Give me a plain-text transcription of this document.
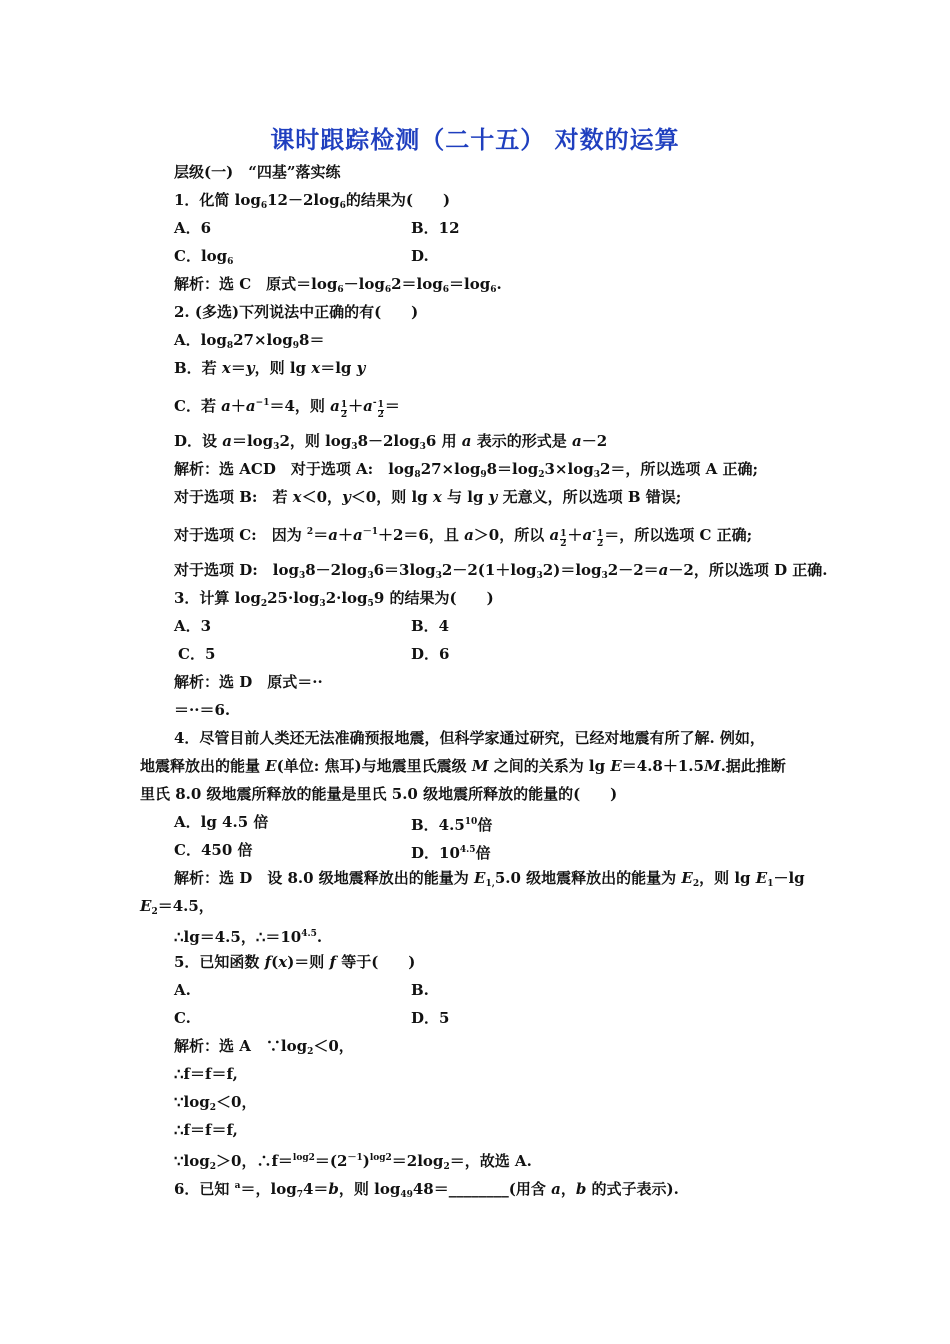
课时跟踪检测（二十五） 对数的运算
层级(一)　“四基”落实练
1．化简 $\log_612-2\log_6$的结果为(　　)
A．6	B．12
C．$\log_6$	D.
解析：选 C　原式$=\log_6-\log_62=\log_6=\log_6$.
2. (多选)下列说法中正确的有(　　)
A．$\log_827\times\log_98=$
B．若 x＝y，则 lg x＝lg y
C．若 $a+a^{-1}=4$，则 a $\frac{1}{2} +a^- \frac{1}{2}$ ＝
D．设 $a=\log_32$，则 $\log_38-2\log_36$ 用 a 表示的形式是 a－2
解析：选 ACD　对于选项 A:　$\log_827\times\log_98=\log_23\times\log_32=$，所以选项 A 正确;
对于选项 B:　若 x＜0，y＜0，则 lg x 与 lg y 无意义，所以选项 B 错误;
对于选项 C:　因为 $^2=a+a^{-1}+2=6$，且 a＞0，所以 a $\frac{1}{2} +a^- \frac{1}{2}$ ＝，所以选项 C 正确;
对于选项 D:　$\log_38-2\log_36=3\log_32-2(1+\log_32)=\log_32-2=a-2$，所以选项 D 正确.
3．计算 $\log_225\cdot\log_32\cdot\log_59$ 的结果为(　　)
A．3	B．4
C．5	D．6
解析：选 D　原式＝··
＝··＝6.
4．尽管目前人类还无法准确预报地震，但科学家通过研究，已经对地震有所了解. 例如，
地震释放出的能量 E(单位: 焦耳)与地震里氏震级 M 之间的关系为 lg E＝4.8＋1.5M.据此推断
里氏 8.0 级地震所释放的能量是里氏 5.0 级地震所释放的能量的(　　)
A．lg 4.5 倍	B．$4.5^{10}$倍
C．450 倍	D．$10^{4.5}$倍
解析：选 D　设 8.0 级地震释放出的能量为 $E_{1,}5.0$ 级地震释放出的能量为 $E_2$，则 $\lg E_1-\lg$
$E_2=4.5$，
∴lg＝4.5，$\therefore=10^{4.5}$.
5．已知函数 f(x)＝则 f 等于(　　)
A.	B.
C.	D．5
解析：选 A　$\because\log_2<0$，
∴f＝f＝f,
$\because\log_2<0$，
∴f＝f＝f,
$\because\log_2>0$，$\therefore f=^{log2}=(2^{-1})^{log2}=2\log_2=$，故选 A.
6．已知 $^a$＝，$\log_74=b$，则 $\log_{49}48=\_\_\_\_\_\_\_\_$(用含 a，b 的式子表示).
